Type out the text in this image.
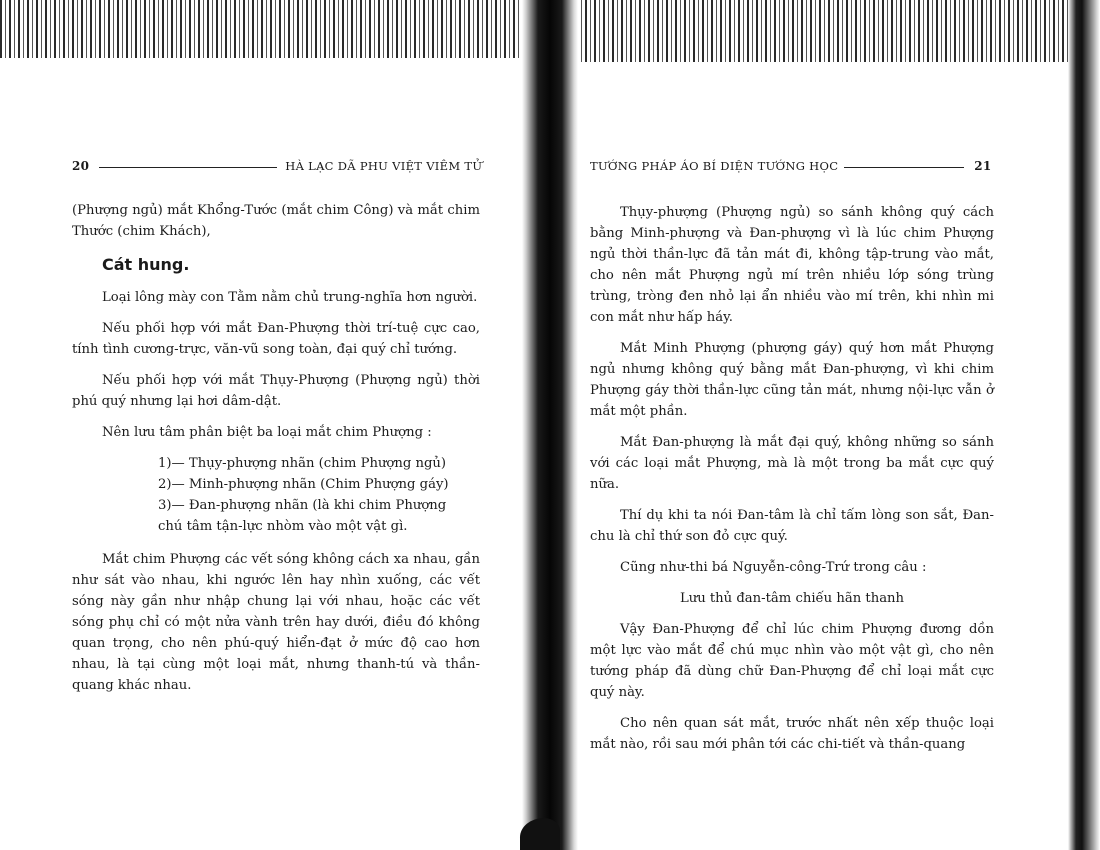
20	HÀ LẠC DÃ PHU VIỆT VIÊM TỬ

(Phượng ngủ) mắt Khổng-Tước (mắt chim Công) và mắt chim Thước (chim Khách),

Cát hung.

Loại lông mày con Tằm nằm chủ trung-nghĩa hơn người.

Nếu phối hợp với mắt Đan-Phượng thời trí-tuệ cực cao, tính tình cương-trực, văn-vũ song toàn, đại quý chỉ tướng.

Nếu phối hợp với mắt Thụy-Phượng (Phượng ngủ) thời phú quý nhưng lại hơi dâm-dật.

Nên lưu tâm phân biệt ba loại mắt chim Phượng :

1)— Thụy-phượng nhãn (chim Phượng ngủ)
2)— Minh-phượng nhãn (Chim Phượng gáy)
3)— Đan-phượng nhãn (là khi chim Phượng
chú tâm tận-lực nhòm vào một vật gì.

Mắt chim Phượng các vết sóng không cách xa nhau, gần như sát vào nhau, khi ngước lên hay nhìn xuống, các vết sóng này gần như nhập chung lại với nhau, hoặc các vết sóng phụ chỉ có một nửa vành trên hay dưới, điều đó không quan trọng, cho nên phú-quý hiển-đạt ở mức độ cao hơn nhau, là tại cùng một loại mắt, nhưng thanh-tú và thần-quang khác nhau.

TƯỚNG PHÁP ÁO BÍ DIỆN TƯỚNG HỌC	21

Thụy-phượng (Phượng ngủ) so sánh không quý cách bằng Minh-phượng và Đan-phượng vì là lúc chim Phượng ngủ thời thần-lực đã tản mát đi, không tập-trung vào mắt, cho nên mắt Phượng ngủ mí trên nhiều lớp sóng trùng trùng, tròng đen nhỏ lại ẩn nhiều vào mí trên, khi nhìn mi con mắt như hấp háy.

Mắt Minh Phượng (phượng gáy) quý hơn mắt Phượng ngủ nhưng không quý bằng mắt Đan-phượng, vì khi chim Phượng gáy thời thần-lực cũng tản mát, nhưng nội-lực vẫn ở mắt một phần.

Mắt Đan-phượng là mắt đại quý, không những so sánh với các loại mắt Phượng, mà là một trong ba mắt cực quý nữa.

Thí dụ khi ta nói Đan-tâm là chỉ tấm lòng son sắt, Đan-chu là chỉ thứ son đỏ cực quý.

Cũng như-thi bá Nguyễn-công-Trứ trong câu :

Lưu thủ đan-tâm chiếu hãn thanh

Vậy Đan-Phượng để chỉ lúc chim Phượng đương dồn một lực vào mắt để chú mục nhìn vào một vật gì, cho nên tướng pháp đã dùng chữ Đan-Phượng để chỉ loại mắt cực quý này.

Cho nên quan sát mắt, trước nhất nên xếp thuộc loại mắt nào, rồi sau mới phân tới các chi-tiết và thần-quang
